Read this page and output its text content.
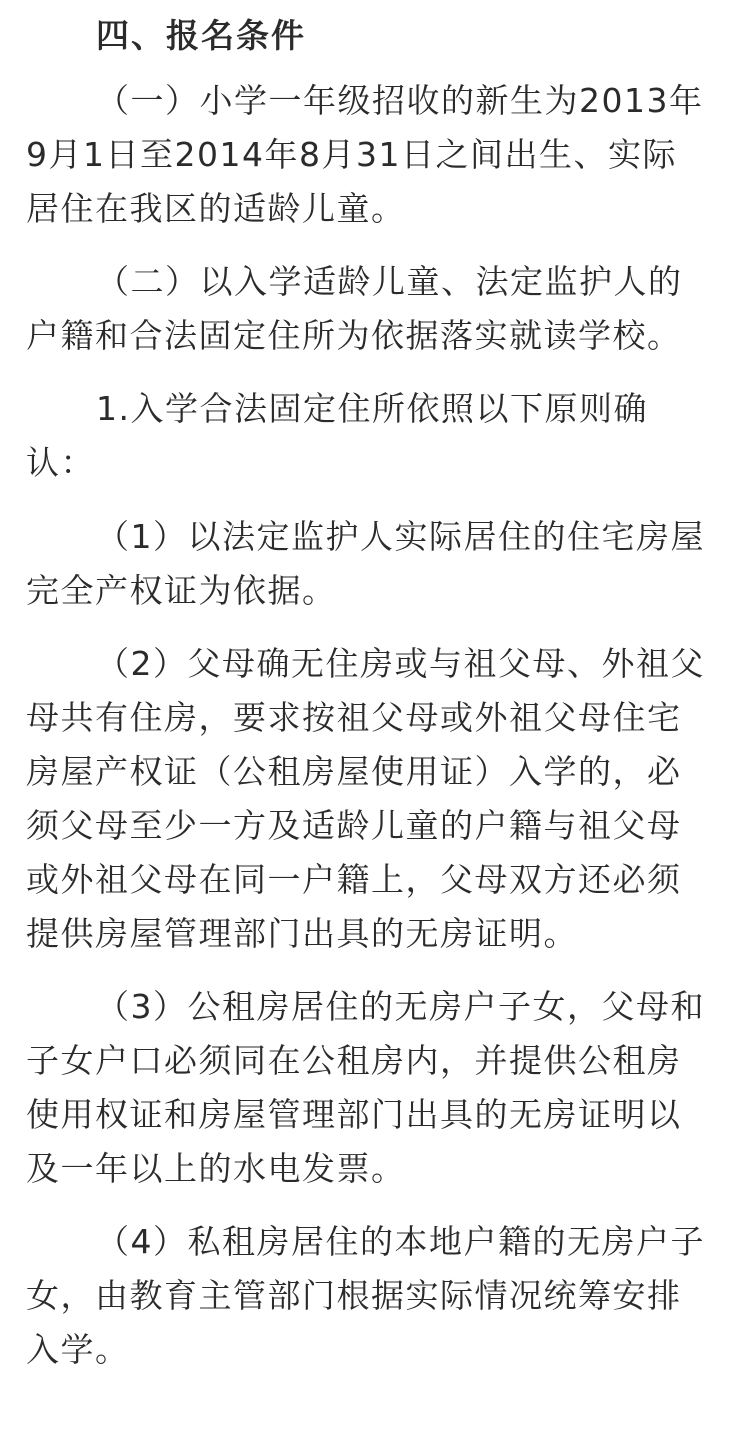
四、报名条件

（一）小学一年级招收的新生为2013年9月1日至2014年8月31日之间出生、实际居住在我区的适龄儿童。

（二）以入学适龄儿童、法定监护人的户籍和合法固定住所为依据落实就读学校。

1.入学合法固定住所依照以下原则确认：

（1）以法定监护人实际居住的住宅房屋完全产权证为依据。

（2）父母确无住房或与祖父母、外祖父母共有住房，要求按祖父母或外祖父母住宅房屋产权证（公租房屋使用证）入学的，必须父母至少一方及适龄儿童的户籍与祖父母或外祖父母在同一户籍上，父母双方还必须提供房屋管理部门出具的无房证明。

（3）公租房居住的无房户子女，父母和子女户口必须同在公租房内，并提供公租房使用权证和房屋管理部门出具的无房证明以及一年以上的水电发票。

（4）私租房居住的本地户籍的无房户子女，由教育主管部门根据实际情况统筹安排入学。
